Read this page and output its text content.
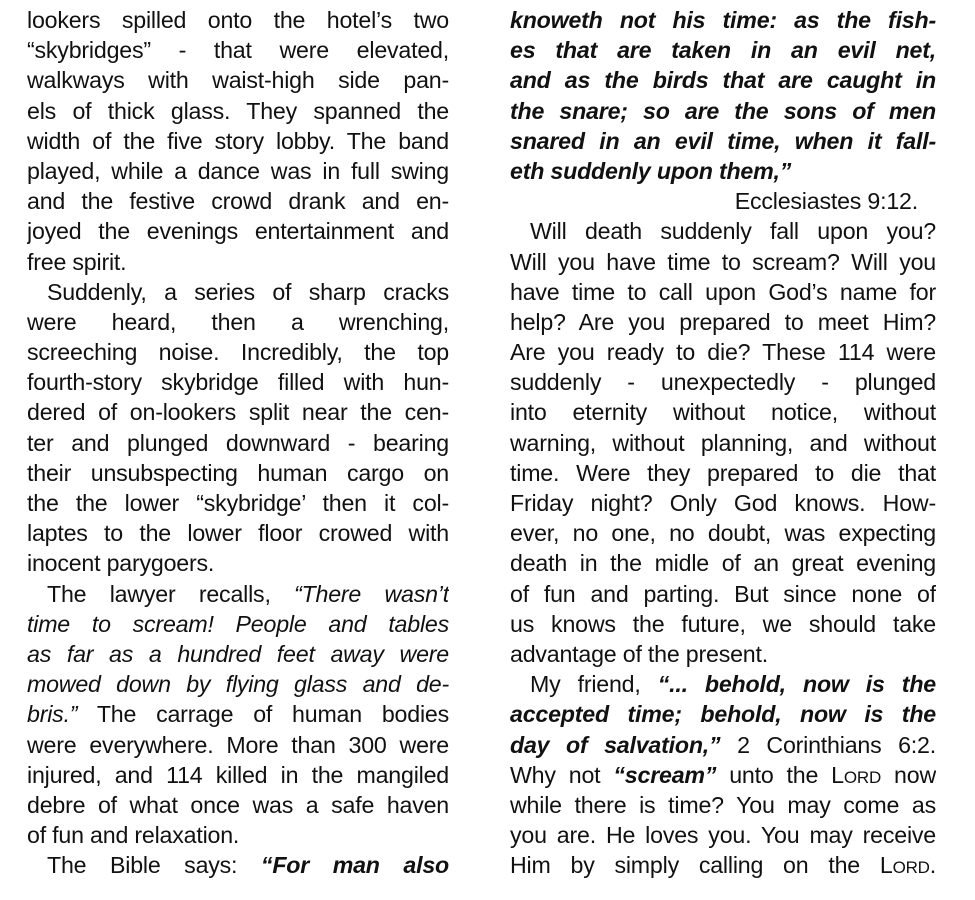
lookers spilled onto the hotel’s two
“skybridges” - that were elevated,
walkways with waist-high side pan-
els of thick glass. They spanned the
width of the five story lobby. The band
played, while a dance was in full swing
and the festive crowd drank and en-
joyed the evenings entertainment and
free spirit.
Suddenly, a series of sharp cracks
were heard, then a wrenching,
screeching noise. Incredibly, the top
fourth-story skybridge filled with hun-
dered of on-lookers split near the cen-
ter and plunged downward - bearing
their unsubspecting human cargo on
the the lower “skybridge’ then it col-
laptes to the lower floor crowed with
inocent parygoers.
The lawyer recalls, “There wasn’t
time to scream! People and tables
as far as a hundred feet away were
mowed down by flying glass and de-
bris.” The carrage of human bodies
were everywhere. More than 300 were
injured, and 114 killed in the mangiled
debre of what once was a safe haven
of fun and relaxation.
The Bible says: “For man also
knoweth not his time: as the fish-
es that are taken in an evil net,
and as the birds that are caught in
the snare; so are the sons of men
snared in an evil time, when it fall-
eth suddenly upon them,”
Ecclesiastes 9:12.
Will death suddenly fall upon you?
Will you have time to scream? Will you
have time to call upon God’s name for
help? Are you prepared to meet Him?
Are you ready to die? These 114 were
suddenly - unexpectedly - plunged
into eternity without notice, without
warning, without planning, and without
time. Were they prepared to die that
Friday night? Only God knows. How-
ever, no one, no doubt, was expecting
death in the midle of an great evening
of fun and parting. But since none of
us knows the future, we should take
advantage of the present.
My friend, “... behold, now is the
accepted time; behold, now is the
day of salvation,” 2 Corinthians 6:2.
Why not “scream” unto the LORD now
while there is time? You may come as
you are. He loves you. You may receive
Him by simply calling on the LORD.
